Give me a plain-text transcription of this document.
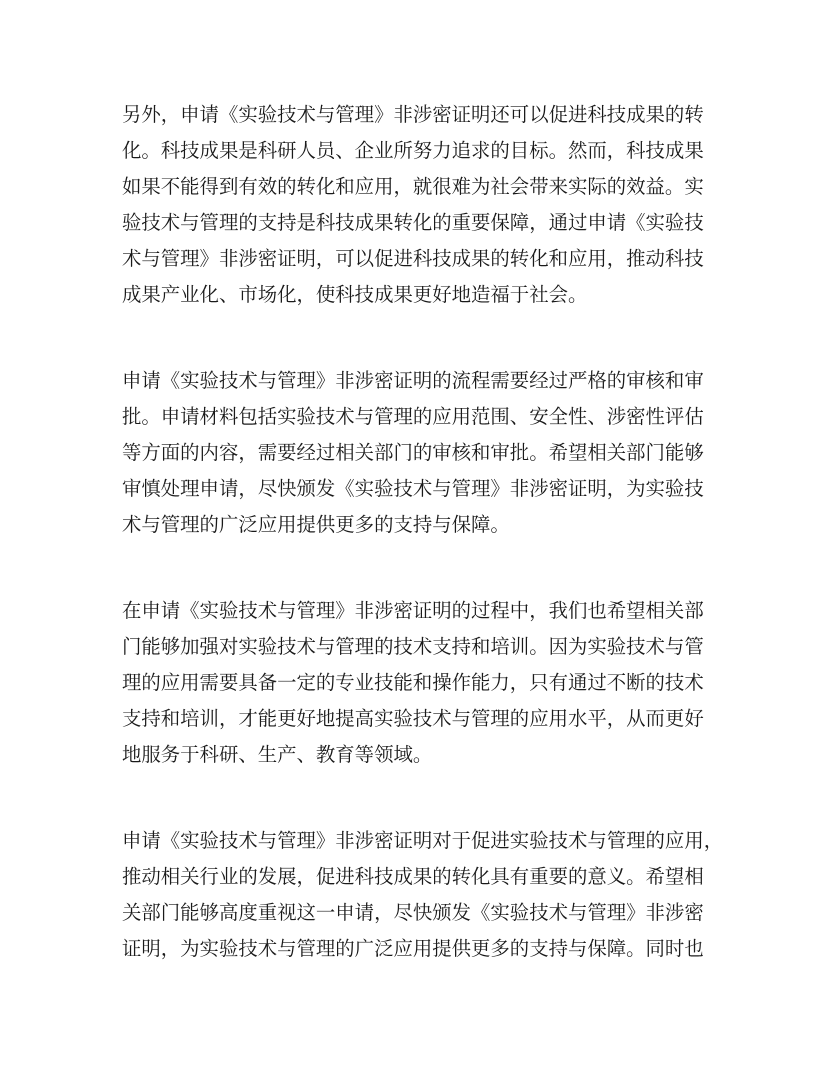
另外，申请《实验技术与管理》非涉密证明还可以促进科技成果的转
化。科技成果是科研人员、企业所努力追求的目标。然而，科技成果
如果不能得到有效的转化和应用，就很难为社会带来实际的效益。实
验技术与管理的支持是科技成果转化的重要保障，通过申请《实验技
术与管理》非涉密证明，可以促进科技成果的转化和应用，推动科技
成果产业化、市场化，使科技成果更好地造福于社会。
申请《实验技术与管理》非涉密证明的流程需要经过严格的审核和审
批。申请材料包括实验技术与管理的应用范围、安全性、涉密性评估
等方面的内容，需要经过相关部门的审核和审批。希望相关部门能够
审慎处理申请，尽快颁发《实验技术与管理》非涉密证明，为实验技
术与管理的广泛应用提供更多的支持与保障。
在申请《实验技术与管理》非涉密证明的过程中，我们也希望相关部
门能够加强对实验技术与管理的技术支持和培训。因为实验技术与管
理的应用需要具备一定的专业技能和操作能力，只有通过不断的技术
支持和培训，才能更好地提高实验技术与管理的应用水平，从而更好
地服务于科研、生产、教育等领域。
申请《实验技术与管理》非涉密证明对于促进实验技术与管理的应用，
推动相关行业的发展，促进科技成果的转化具有重要的意义。希望相
关部门能够高度重视这一申请，尽快颁发《实验技术与管理》非涉密
证明，为实验技术与管理的广泛应用提供更多的支持与保障。同时也
